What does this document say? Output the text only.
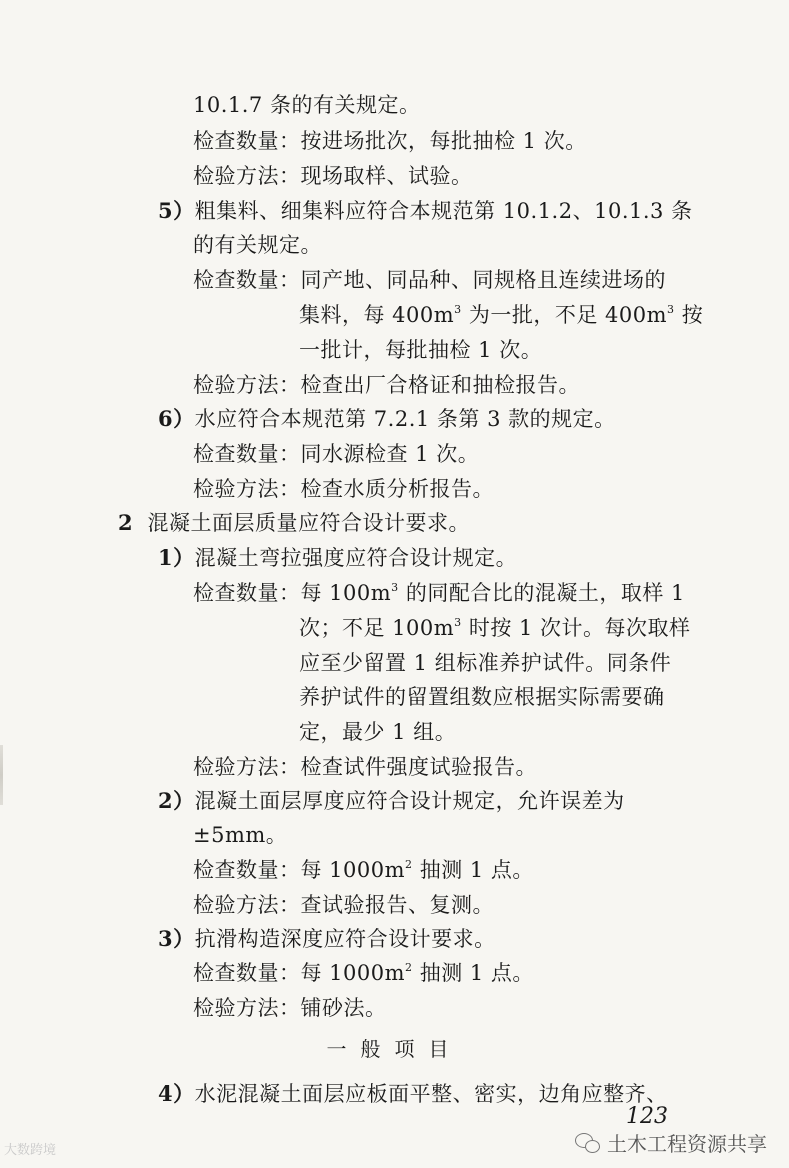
10.1.7 条的有关规定。
检查数量：按进场批次，每批抽检 1 次。
检验方法：现场取样、试验。
5）粗集料、细集料应符合本规范第 10.1.2、10.1.3 条
的有关规定。
检查数量：同产地、同品种、同规格且连续进场的
集料，每 $400m^3$ 为一批，不足 $400m^3$ 按
一批计，每批抽检 1 次。
检验方法：检查出厂合格证和抽检报告。
6）水应符合本规范第 7.2.1 条第 3 款的规定。
检查数量：同水源检查 1 次。
检验方法：检查水质分析报告。
2 混凝土面层质量应符合设计要求。
1）混凝土弯拉强度应符合设计规定。
检查数量：每 $100m^3$ 的同配合比的混凝土，取样 1
次；不足 $100m^3$ 时按 1 次计。每次取样
应至少留置 1 组标准养护试件。同条件
养护试件的留置组数应根据实际需要确
定，最少 1 组。
检验方法：检查试件强度试验报告。
2）混凝土面层厚度应符合设计规定，允许误差为
±5mm。
检查数量：每 $1000m^2$ 抽测 1 点。
检验方法：查试验报告、复测。
3）抗滑构造深度应符合设计要求。
检查数量：每 $1000m^2$ 抽测 1 点。
检验方法：铺砂法。
一般项目
4）水泥混凝土面层应板面平整、密实，边角应整齐、
123
大数跨境	土木工程资源共享
